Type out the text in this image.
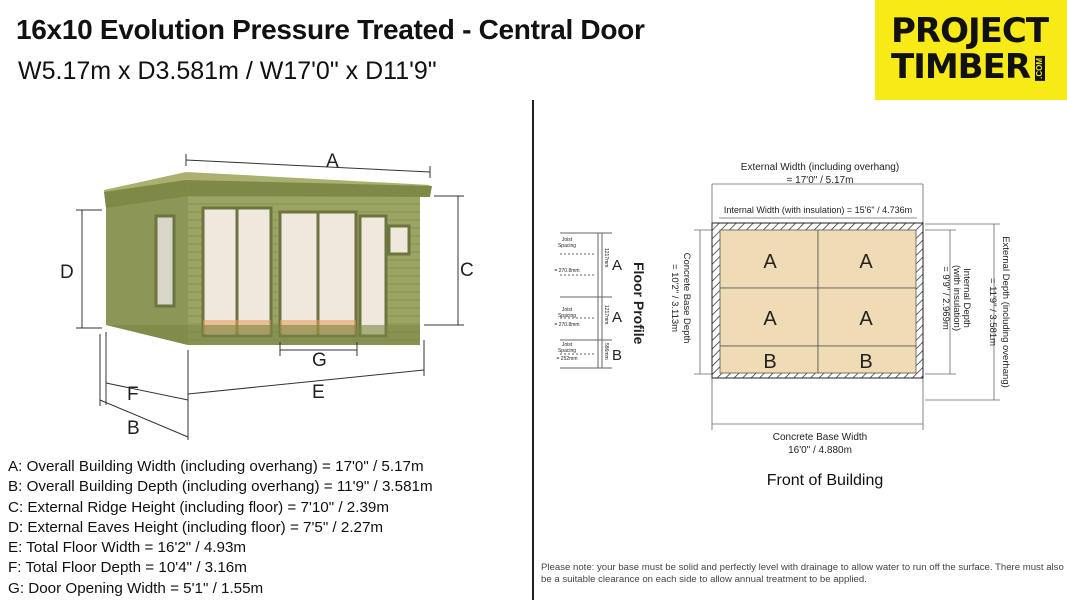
16x10 Evolution Pressure Treated - Central Door
W5.17m x D3.581m / W17'0" x D11'9"
PROJECT
TIMBER .COM
A
C
D
G
E
F
B
Joist
Spacing
= 270.8mm
Joist
Spacing
= 270.8mm
Joist
Spacing
= 252mm
1217mm
1217mm
586mm
A
A
B
Floor Profile	A	A
A	A
B	B
External Width (including overhang)
= 17'0" / 5.17m
Internal Width (with insulation) = 15'6" / 4.736m
Concrete Base Width
16'0" / 4.880m
Concrete Base Depth
= 10'2" / 3.113m	Internal Depth
(with insulation)
= 9'9" / 2.969m	External Depth (including overhang)
= 11'9" / 3.581m
Front of Building
A: Overall Building Width (including overhang) = 17'0" / 5.17m
B: Overall Building Depth (including overhang) = 11'9" / 3.581m
C: External Ridge Height (including floor) = 7'10" / 2.39m
D: External Eaves Height (including floor) = 7'5" / 2.27m
E: Total Floor Width = 16'2" / 4.93m
F: Total Floor Depth = 10'4" / 3.16m
G: Door Opening Width = 5'1" / 1.55m
Please note: your base must be solid and perfectly level with drainage to allow water to run off the surface. There must also be a suitable clearance on each side to allow annual treatment to be applied.
